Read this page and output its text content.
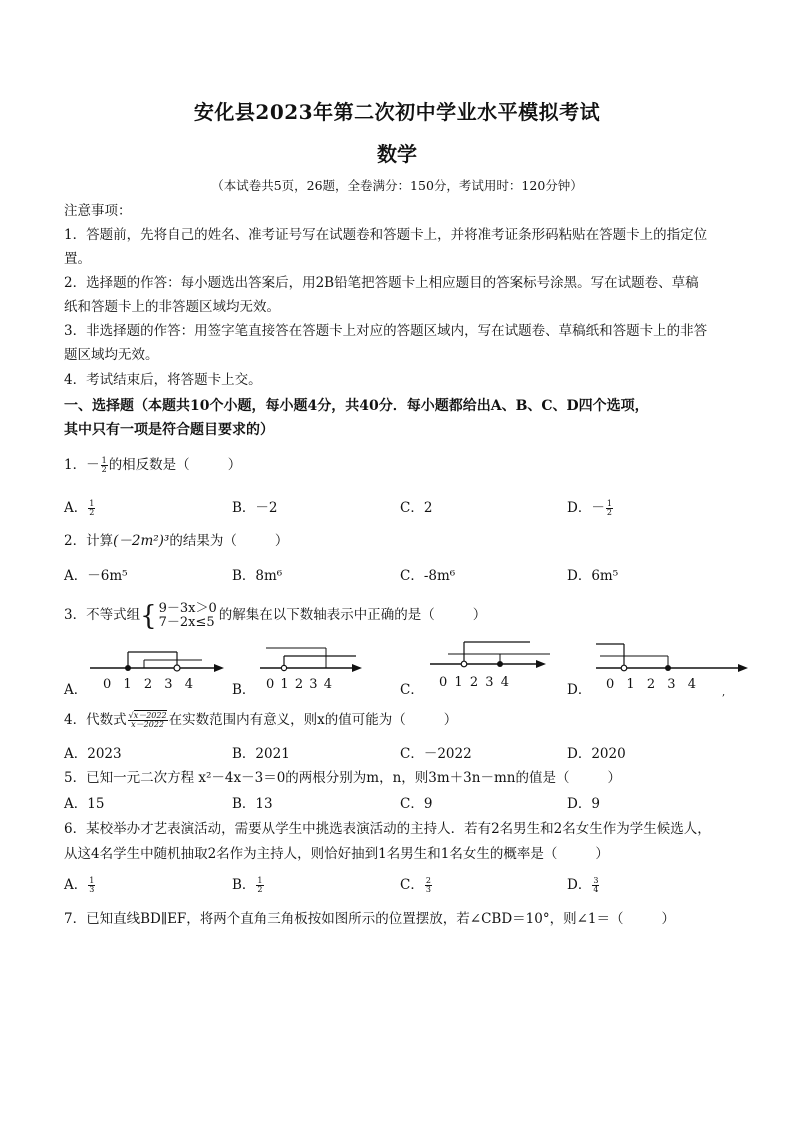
安化县2023年第二次初中学业水平模拟考试
数学
（本试卷共5页，26题，全卷满分：150分，考试用时：120分钟）
注意事项：
1．答题前，先将自己的姓名、准考证号写在试题卷和答题卡上，并将准考证条形码粘贴在答题卡上的指定位
置。
2．选择题的作答：每小题选出答案后，用2B铅笔把答题卡上相应题目的答案标号涂黑。写在试题卷、草稿
纸和答题卡上的非答题区域均无效。
3．非选择题的作答：用签字笔直接答在答题卡上对应的答题区域内，写在试题卷、草稿纸和答题卡上的非答
题区域均无效。
4．考试结束后，将答题卡上交。
一、选择题（本题共10个小题，每小题4分，共40分．每小题都给出A、B、C、D四个选项，
其中只有一项是符合题目要求的）
1．－ $\frac{1}{2}$ 的相反数是（	）
A． $\frac{1}{2}$	B．－2	C．2	D．－ $\frac{1}{2}$
2．计算(－2m²)³的结果为（	）
A．－6m⁵	B．8m⁶	C．-8m⁶	D．6m⁵
3．不等式组{ 9－3x＞0
7－2x≤5 的解集在以下数轴表示中正确的是（	）
A． 0 1 2 3 4	B． 0 1 2 3 4	C． 0 1 2 3 4	D． 0 1 2 3 4
,
4．代数式 $\frac{√x-2022}{x-2022}$ 在实数范围内有意义，则x的值可能为（	）
A．2023	B．2021	C．－2022	D．2020
5．已知一元二次方程 x²－4x－3＝0的两根分别为m，n，则3m＋3n－mn的值是（	）
A．15	B．13	C．9	D．9
6．某校举办才艺表演活动，需要从学生中挑选表演活动的主持人．若有2名男生和2名女生作为学生候选人，
从这4名学生中随机抽取2名作为主持人，则恰好抽到1名男生和1名女生的概率是（	）
A． $\frac{1}{3}$	B． $\frac{1}{2}$	C． $\frac{2}{3}$	D． $\frac{3}{4}$
7．已知直线BD∥EF，将两个直角三角板按如图所示的位置摆放，若∠CBD＝10°，则∠1＝（	）
